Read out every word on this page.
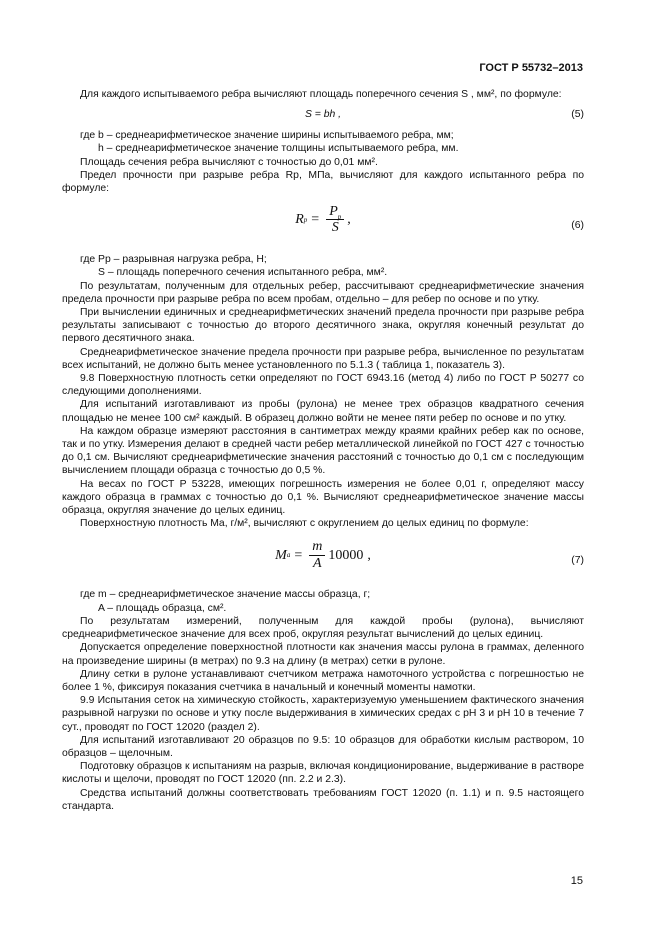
ГОСТ Р 55732–2013

Для каждого испытываемого ребра вычисляют площадь поперечного сечения S , мм², по формуле:

S = bh ,	(5)

где b – среднеарифметическое значение ширины испытываемого ребра, мм;

h – среднеарифметическое значение толщины испытываемого ребра, мм.

Площадь сечения ребра вычисляют с точностью до 0,01 мм².

Предел прочности при разрыве ребра Rр, МПа, вычисляют для каждого испытанного ребра по формуле:

R $p = \frac{P_p}{S}$ ,	(6)

где Pр – разрывная нагрузка ребра, Н;

S – площадь поперечного сечения испытанного ребра, мм².

По результатам, полученным для отдельных ребер, рассчитывают среднеарифметические значения предела прочности при разрыве ребра по всем пробам, отдельно – для ребер по основе и по утку.

При вычислении единичных и среднеарифметических значений предела прочности при разрыве ребра результаты записывают с точностью до второго десятичного знака, округляя конечный результат до первого десятичного знака.

Среднеарифметическое значение предела прочности при разрыве ребра, вычисленное по результатам всех испытаний, не должно быть менее установленного по 5.1.3 ( таблица 1, показатель 3).

9.8 Поверхностную плотность сетки определяют по ГОСТ 6943.16 (метод 4) либо по ГОСТ Р 50277 со следующими дополнениями.

Для испытаний изготавливают из пробы (рулона) не менее трех образцов квадратного сечения площадью не менее 100 см² каждый. В образец должно войти не менее пяти ребер по основе и по утку.

На каждом образце измеряют расстояния в сантиметрах между краями крайних ребер как по основе, так и по утку. Измерения делают в средней части ребер металлической линейкой по ГОСТ 427 с точностью до 0,1 см. Вычисляют среднеарифметические значения расстояний с точностью до 0,1 см с последующим вычислением площади образца с точностью до 0,5 %.

На весах по ГОСТ Р 53228, имеющих погрешность измерения не более 0,01 г, определяют массу каждого образца в граммах с точностью до 0,1 %. Вычисляют среднеарифметическое значение массы образца, округляя значение до целых единиц.

Поверхностную плотность Mа, г/м², вычисляют с округлением до целых единиц по формуле:

M $a = \frac{m}{A} 10000$ ,	(7)

где m – среднеарифметическое значение массы образца, г;

A – площадь образца, см².

По результатам измерений, полученным для каждой пробы (рулона), вычисляют среднеарифметическое значение для всех проб, округляя результат вычислений до целых единиц.

Допускается определение поверхностной плотности как значения массы рулона в граммах, деленного на произведение ширины (в метрах) по 9.3 на длину (в метрах) сетки в рулоне.

Длину сетки в рулоне устанавливают счетчиком метража намоточного устройства с погрешностью не более 1 %, фиксируя показания счетчика в начальный и конечный моменты намотки.

9.9 Испытания сеток на химическую стойкость, характеризуемую уменьшением фактического значения разрывной нагрузки по основе и утку после выдерживания в химических средах с pH 3 и pH 10 в течение 7 сут., проводят по ГОСТ 12020 (раздел 2).

Для испытаний изготавливают 20 образцов по 9.5: 10 образцов для обработки кислым раствором, 10 образцов – щелочным.

Подготовку образцов к испытаниям на разрыв, включая кондиционирование, выдерживание в растворе кислоты и щелочи, проводят по ГОСТ 12020 (пп. 2.2 и 2.3).

Средства испытаний должны соответствовать требованиям ГОСТ 12020 (п. 1.1) и п. 9.5 настоящего стандарта.

15
